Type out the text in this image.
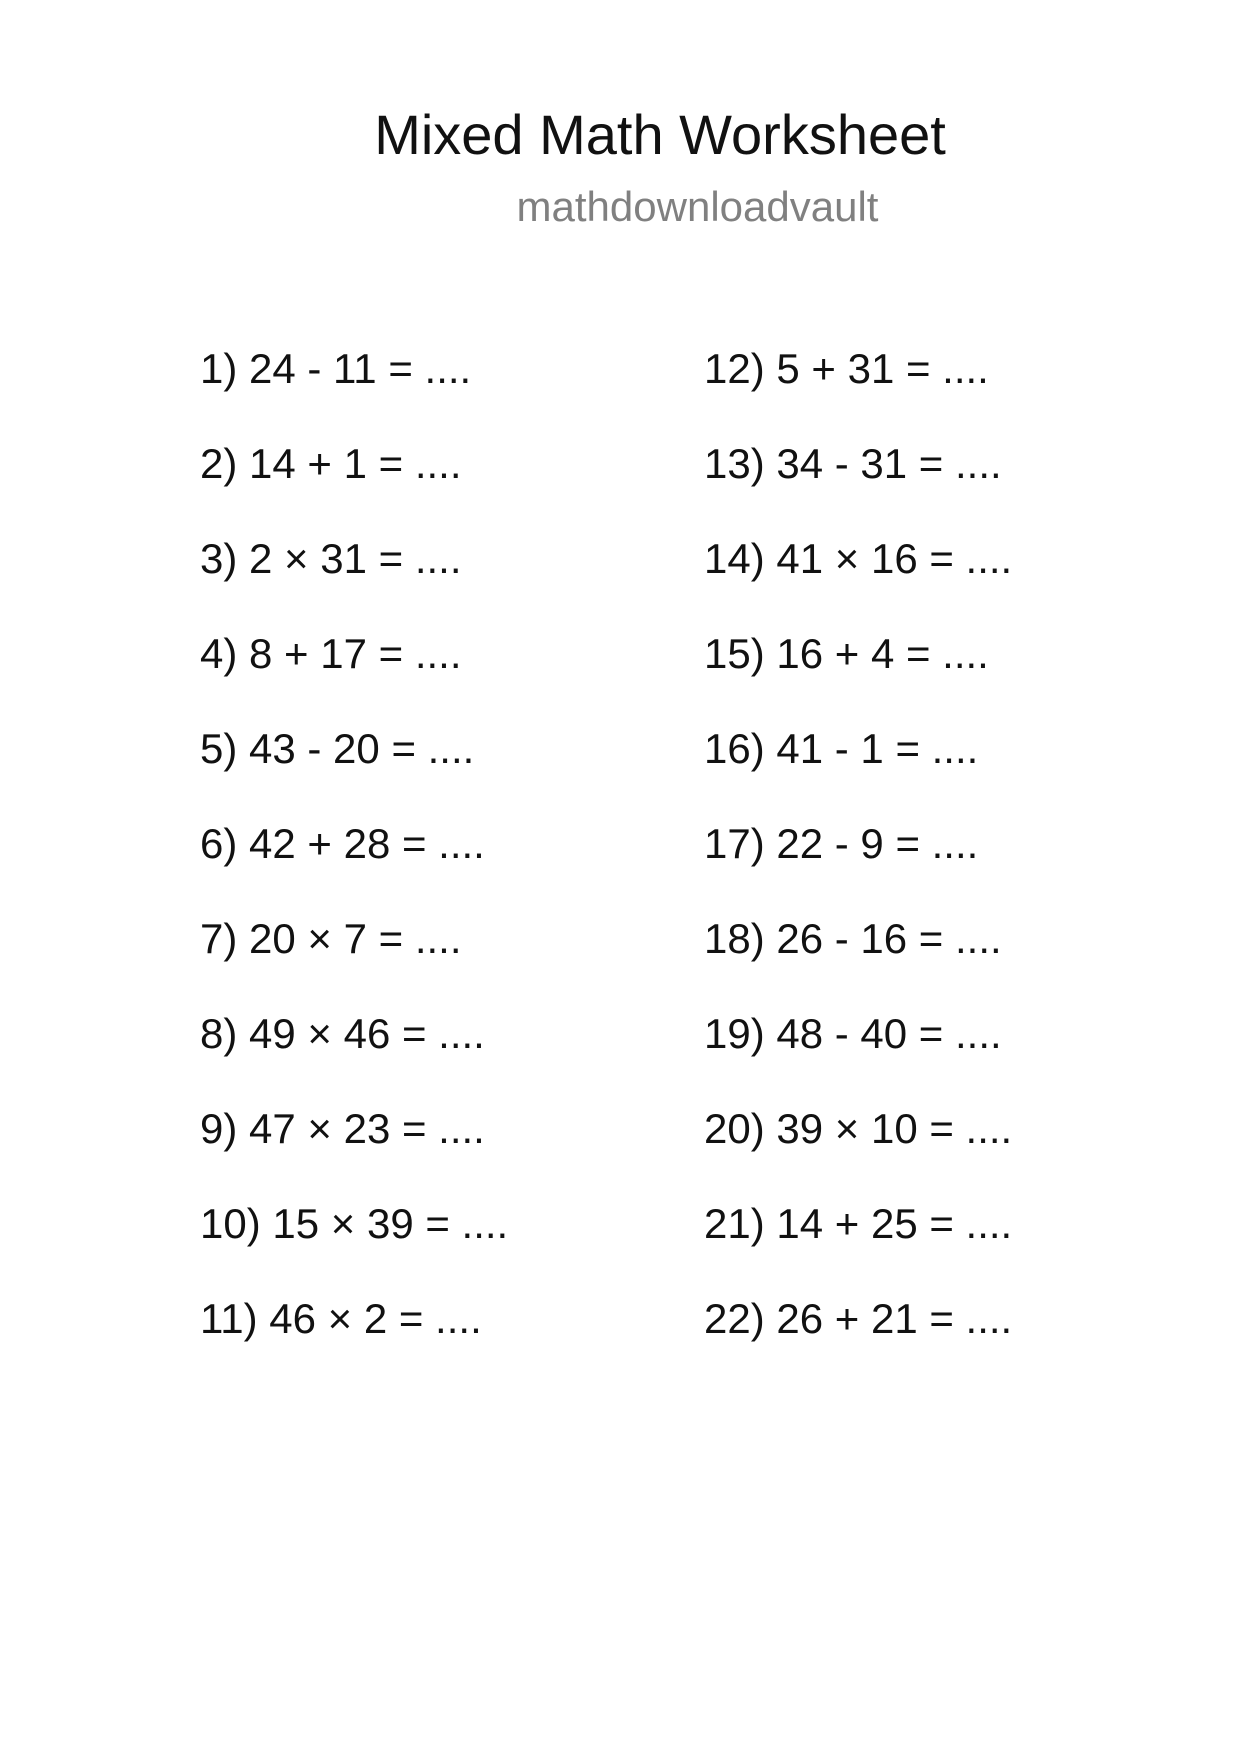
Mixed Math Worksheet
mathdownloadvault
1) 24 - 11 = ....
2) 14 + 1 = ....
3) 2 × 31 = ....
4) 8 + 17 = ....
5) 43 - 20 = ....
6) 42 + 28 = ....
7) 20 × 7 = ....
8) 49 × 46 = ....
9) 47 × 23 = ....
10) 15 × 39 = ....
11) 46 × 2 = ....
12) 5 + 31 = ....
13) 34 - 31 = ....
14) 41 × 16 = ....
15) 16 + 4 = ....
16) 41 - 1 = ....
17) 22 - 9 = ....
18) 26 - 16 = ....
19) 48 - 40 = ....
20) 39 × 10 = ....
21) 14 + 25 = ....
22) 26 + 21 = ....
